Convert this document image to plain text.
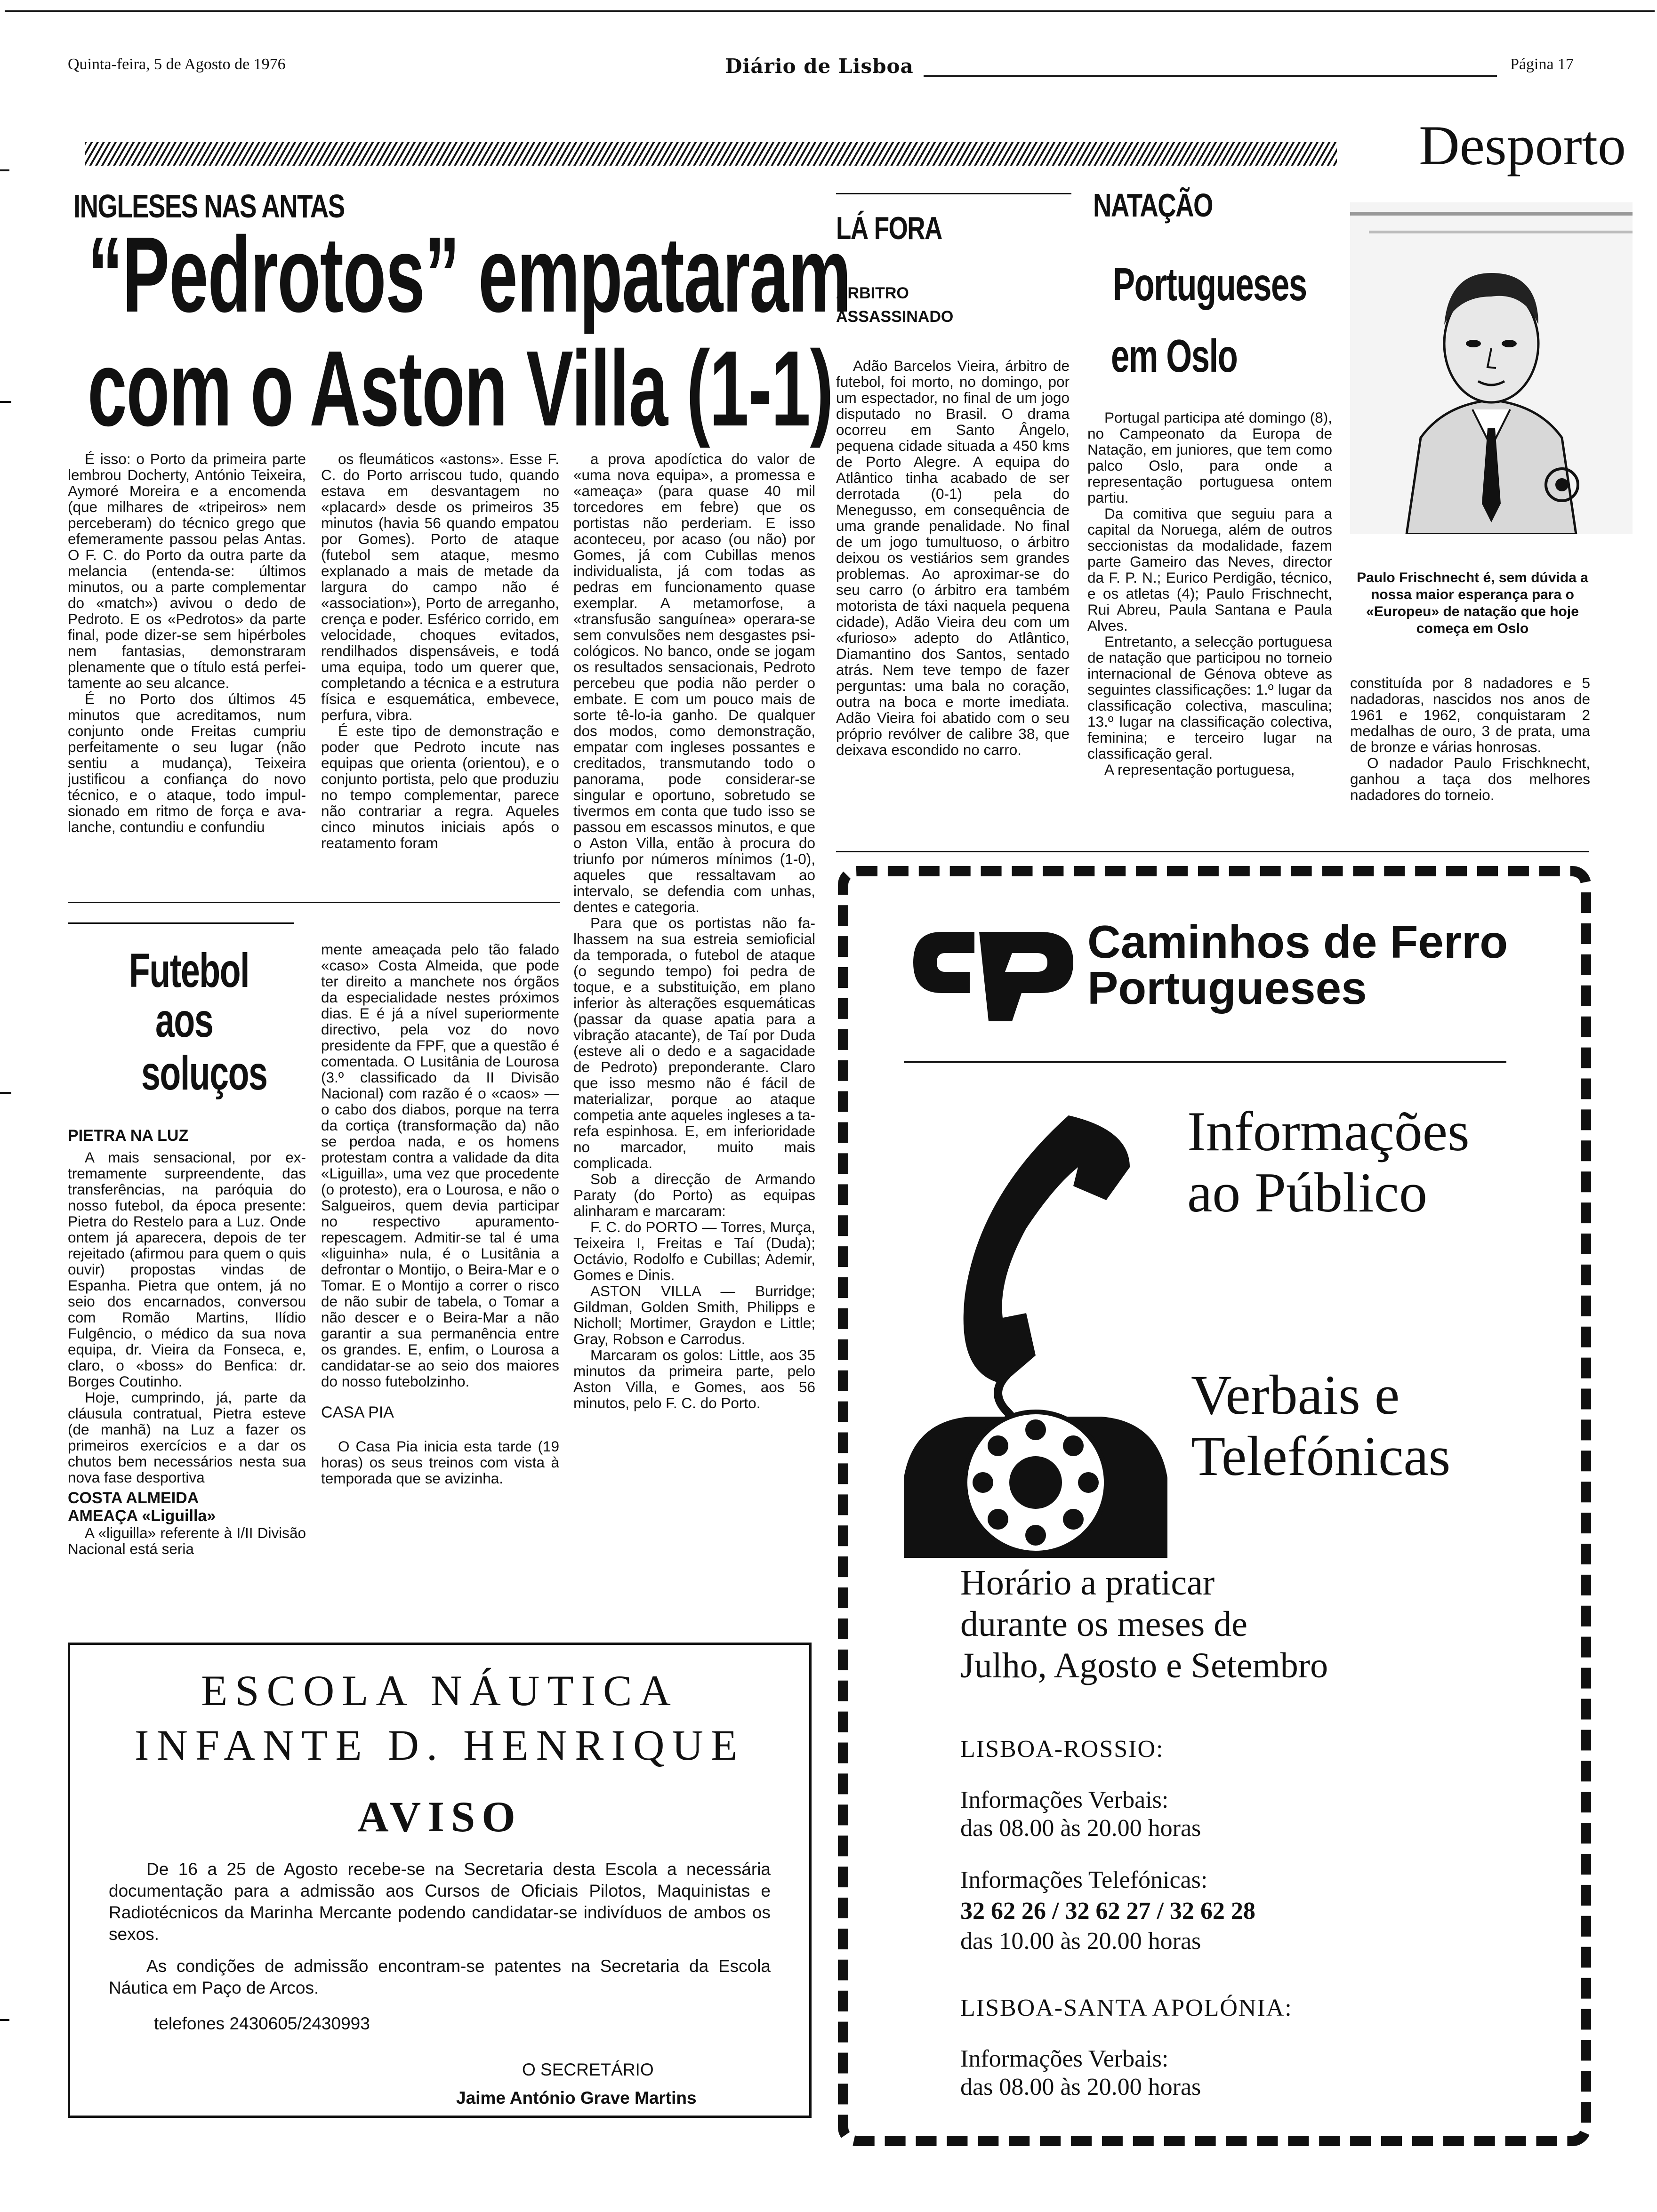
Quinta-feira, 5 de Agosto de 1976	Diário de Lisboa	Página 17
Desporto
INGLESES NAS ANTAS
“Pedrotos” empataram
com o Aston Villa (1-1)

É isso: o Porto da primeira parte lembrou Docherty, António Teixeira, Aymoré Moreira e a encomenda (que milhares de «tripeiros» nem perceberam) do técnico grego que efemeramente passou pelas Antas. O F. C. do Porto da outra parte da melancia (entenda-se: últimos minutos, ou a parte complementar do «match») avivou o dedo de Pedroto. E os «Pedrotos» da parte final, pode dizer-se sem hipérboles nem fantasias, demonstraram plenamente que o título está perfeitamente ao seu alcance.

É no Porto dos últimos 45 minutos que acreditamos, num conjunto onde Freitas cumpriu perfeitamente o seu lugar (não sentiu a mudança), Teixeira justificou a confiança do novo técnico, e o ataque, todo impulsionado em ritmo de força e avalanche, contundiu e confundiu

os fleumáticos «astons». Esse F. C. do Porto arriscou tudo, quando estava em desvantagem no «placard» desde os primeiros 35 minutos (havia 56 quando empatou por Gomes). Porto de ataque (futebol sem ataque, mesmo explanado a mais de metade da largura do campo não é «association»), Porto de arreganho, crença e poder. Esférico corrido, em velocidade, choques evitados, rendilhados dispensáveis, e todá uma equipa, todo um querer que, completando a técnica e a estrutura física e esquemática, embevece, perfura, vibra.

É este tipo de demonstração e poder que Pedroto incute nas equipas que orienta (orientou), e o conjunto portista, pelo que produziu no tempo complementar, parece não contrariar a regra. Aqueles cinco minutos iniciais após o reatamento foram

a prova apodíctica do valor de «uma nova equipa», a promessa e «ameaça» (para quase 40 mil torcedores em febre) que os portistas não perderiam. E isso aconteceu, por acaso (ou não) por Gomes, já com Cubillas menos individualista, já com todas as pedras em funcionamento quase exemplar. A metamorfose, a «transfusão sanguínea» operara-se sem convulsões nem desgastes psicológicos. No banco, onde se jogam os resultados sensacionais, Pedroto percebeu que podia não perder o embate. E com um pouco mais de sorte tê-lo-ia ganho. De qualquer dos modos, como demonstração, empatar com ingleses possantes e creditados, transmutando todo o panorama, pode considerar-se singular e oportuno, sobretudo se tivermos em conta que tudo isso se passou em escassos minutos, e que o Aston Villa, então à procura do triunfo por números mínimos (1-0), aqueles que ressaltavam ao intervalo, se defendia com unhas, dentes e categoria.

Para que os portistas não falhassem na sua estreia semioficial da temporada, o futebol de ataque (o segundo tempo) foi pedra de toque, e a substituição, em plano inferior às alterações esquemáticas (passar da quase apatia para a vibração atacante), de Taí por Duda (esteve ali o dedo e a sagacidade de Pedroto) preponderante. Claro que isso mesmo não é fácil de materializar, porque ao ataque competia ante aqueles ingleses a tarefa espinhosa. E, em inferioridade no marcador, muito mais complicada.

Sob a direcção de Armando Paraty (do Porto) as equipas alinharam e marcaram:

F. C. do PORTO — Torres, Murça, Teixeira I, Freitas e Taí (Duda); Octávio, Rodolfo e Cubillas; Ademir, Gomes e Dinis.

ASTON VILLA — Burridge; Gildman, Golden Smith, Philipps e Nicholl; Mortimer, Graydon e Little; Gray, Robson e Carrodus.

Marcaram os golos: Little, aos 35 minutos da primeira parte, pelo Aston Villa, e Gomes, aos 56 minutos, pelo F. C. do Porto.

Futebol
aos
soluços
PIETRA NA LUZ

A mais sensacional, por extremamente surpreendente, das transferências, na paróquia do nosso futebol, da época presente: Pietra do Restelo para a Luz. Onde ontem já aparecera, depois de ter rejeitado (afirmou para quem o quis ouvir) propostas vindas de Espanha. Pietra que ontem, já no seio dos encarnados, conversou com Romão Martins, Ilídio Fulgêncio, o médico da sua nova equipa, dr. Vieira da Fonseca, e, claro, o «boss» do Benfica: dr. Borges Coutinho.

Hoje, cumprindo, já, parte da cláusula contratual, Pietra esteve (de manhã) na Luz a fazer os primeiros exercícios e a dar os chutos bem necessários nesta sua nova fase desportiva

COSTA ALMEIDA
AMEAÇA «Liguilla»

A «liguilla» referente à I/II Divisão Nacional está seria

mente ameaçada pelo tão falado «caso» Costa Almeida, que pode ter direito a manchete nos órgãos da especialidade nestes próximos dias. E é já a nível superiormente directivo, pela voz do novo presidente da FPF, que a questão é comentada. O Lusitânia de Lourosa (3.º classificado da II Divisão Nacional) com razão é o «caos» — o cabo dos diabos, porque na terra da cortiça (transformação da) não se perdoa nada, e os homens protestam contra a validade da dita «Liguilla», uma vez que procedente (o protesto), era o Lourosa, e não o Salgueiros, quem devia participar no respectivo apuramento-repescagem. Admitir-se tal é uma «liguinha» nula, é o Lusitânia a defrontar o Montijo, o Beira-Mar e o Tomar. E o Montijo a correr o risco de não subir de tabela, o Tomar a não descer e o Beira-Mar a não garantir a sua permanência entre os grandes. E, enfim, o Lourosa a candidatar-se ao seio dos maiores do nosso futebolzinho.

CASA PIA

O Casa Pia inicia esta tarde (19 horas) os seus treinos com vista à temporada que se avizinha.

LÁ FORA
ÁRBITRO
ASSASSINADO

Adão Barcelos Vieira, árbitro de futebol, foi morto, no domingo, por um espectador, no final de um jogo disputado no Brasil. O drama ocorreu em Santo Ângelo, pequena cidade situada a 450 kms de Porto Alegre. A equipa do Atlântico tinha acabado de ser derrotada (0-1) pela do Menegusso, em consequência de uma grande penalidade. No final de um jogo tumultuoso, o árbitro deixou os vestiários sem grandes problemas. Ao aproximar-se do seu carro (o árbitro era também motorista de táxi naquela pequena cidade), Adão Vieira deu com um «furioso» adepto do Atlântico, Diamantino dos Santos, sentado atrás. Nem teve tempo de fazer perguntas: uma bala no coração, outra na boca e morte imediata. Adão Vieira foi abatido com o seu próprio revólver de calibre 38, que deixava escondido no carro.

NATAÇÃO
Portugueses
em Oslo

Portugal participa até domingo (8), no Campeonato da Europa de Natação, em juniores, que tem como palco Oslo, para onde a representação portuguesa ontem partiu.

Da comitiva que seguiu para a capital da Noruega, além de outros seccionistas da modalidade, fazem parte Gameiro das Neves, director da F. P. N.; Eurico Perdigão, técnico, e os atletas (4); Paulo Frischnecht, Rui Abreu, Paula Santana e Paula Alves.

Entretanto, a selecção portuguesa de natação que participou no torneio internacional de Génova obteve as seguintes classificações: 1.º lugar da classificação colectiva, masculina; 13.º lugar na classificação colectiva, feminina; e terceiro lugar na classificação geral.

A representação portuguesa,

constituída por 8 nadadores e 5 nadadoras, nascidos nos anos de 1961 e 1962, conquistaram 2 medalhas de ouro, 3 de prata, uma de bronze e várias honrosas.

O nadador Paulo Frischknecht, ganhou a taça dos melhores nadadores do torneio.

Paulo Frischnecht é, sem dúvida a nossa maior esperança para o «Europeu» de natação que hoje começa em Oslo
Caminhos de Ferro
Portugueses
Informações
ao Público
Verbais e
Telefónicas
Horário a praticar
durante os meses de
Julho, Agosto e Setembro
LISBOA-ROSSIO:
Informações Verbais:
das 08.00 às 20.00 horas
Informações Telefónicas:
32 62 26 / 32 62 27 / 32 62 28
das 10.00 às 20.00 horas
LISBOA-SANTA APOLÓNIA:
Informações Verbais:
das 08.00 às 20.00 horas
ESCOLA NÁUTICA
INFANTE D. HENRIQUE
AVISO

De 16 a 25 de Agosto recebe-se na Secretaria desta Escola a necessária documentação para a admissão aos Cursos de Oficiais Pilotos, Maquinistas e Radiotécnicos da Marinha Mercante podendo candidatar-se indivíduos de ambos os sexos.

As condições de admissão encontram-se patentes na Secretaria da Escola Náutica em Paço de Arcos.

telefones 2430605/2430993

O SECRETÁRIO
Jaime António Grave Martins
